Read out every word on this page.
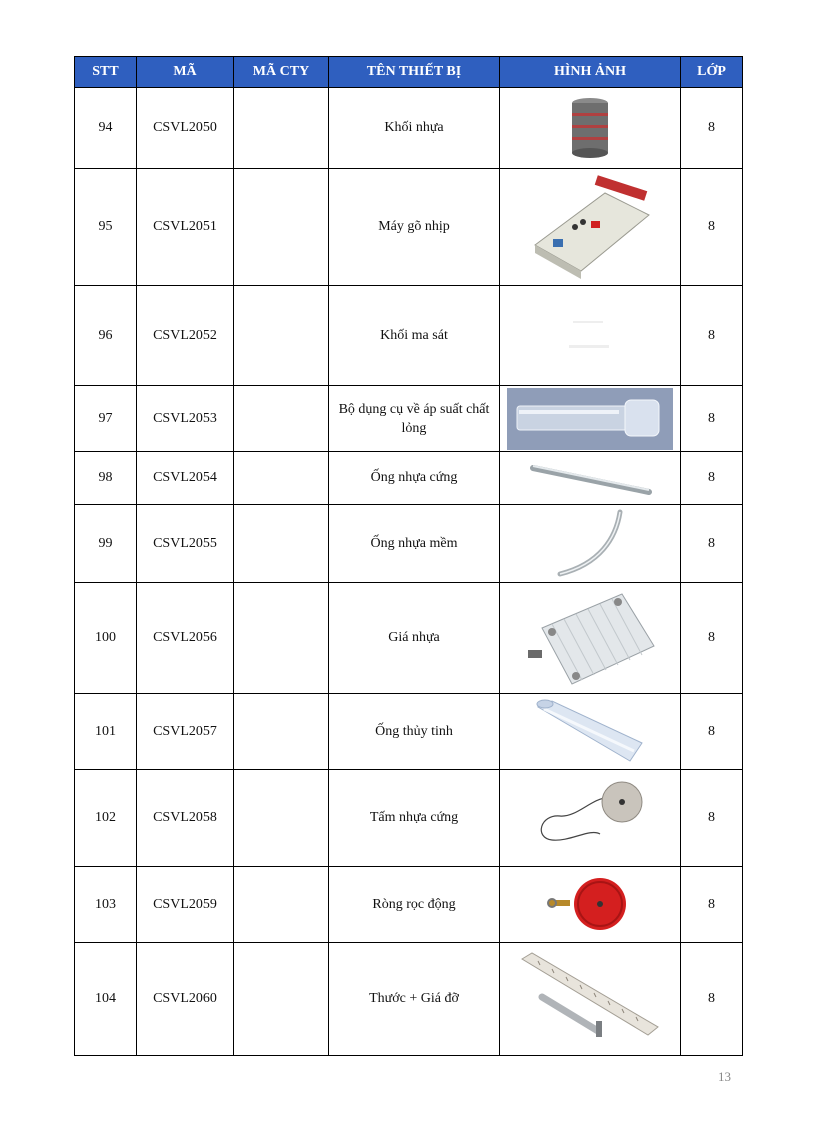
STT	MÃ	MÃ CTY	TÊN THIẾT BỊ	HÌNH ẢNH	LỚP
94	CSVL2050		Khối nhựa		8
95	CSVL2051		Máy gõ nhịp		8
96	CSVL2052		Khối ma sát		8
97	CSVL2053		Bộ dụng cụ về áp suất chất lỏng		8
98	CSVL2054		Ống nhựa cứng		8
99	CSVL2055		Ống nhựa mềm		8
100	CSVL2056		Giá nhựa		8
101	CSVL2057		Ống thủy tinh		8
102	CSVL2058		Tấm nhựa cứng		8
103	CSVL2059		Ròng rọc động		8
104	CSVL2060		Thước + Giá đỡ		8
13
